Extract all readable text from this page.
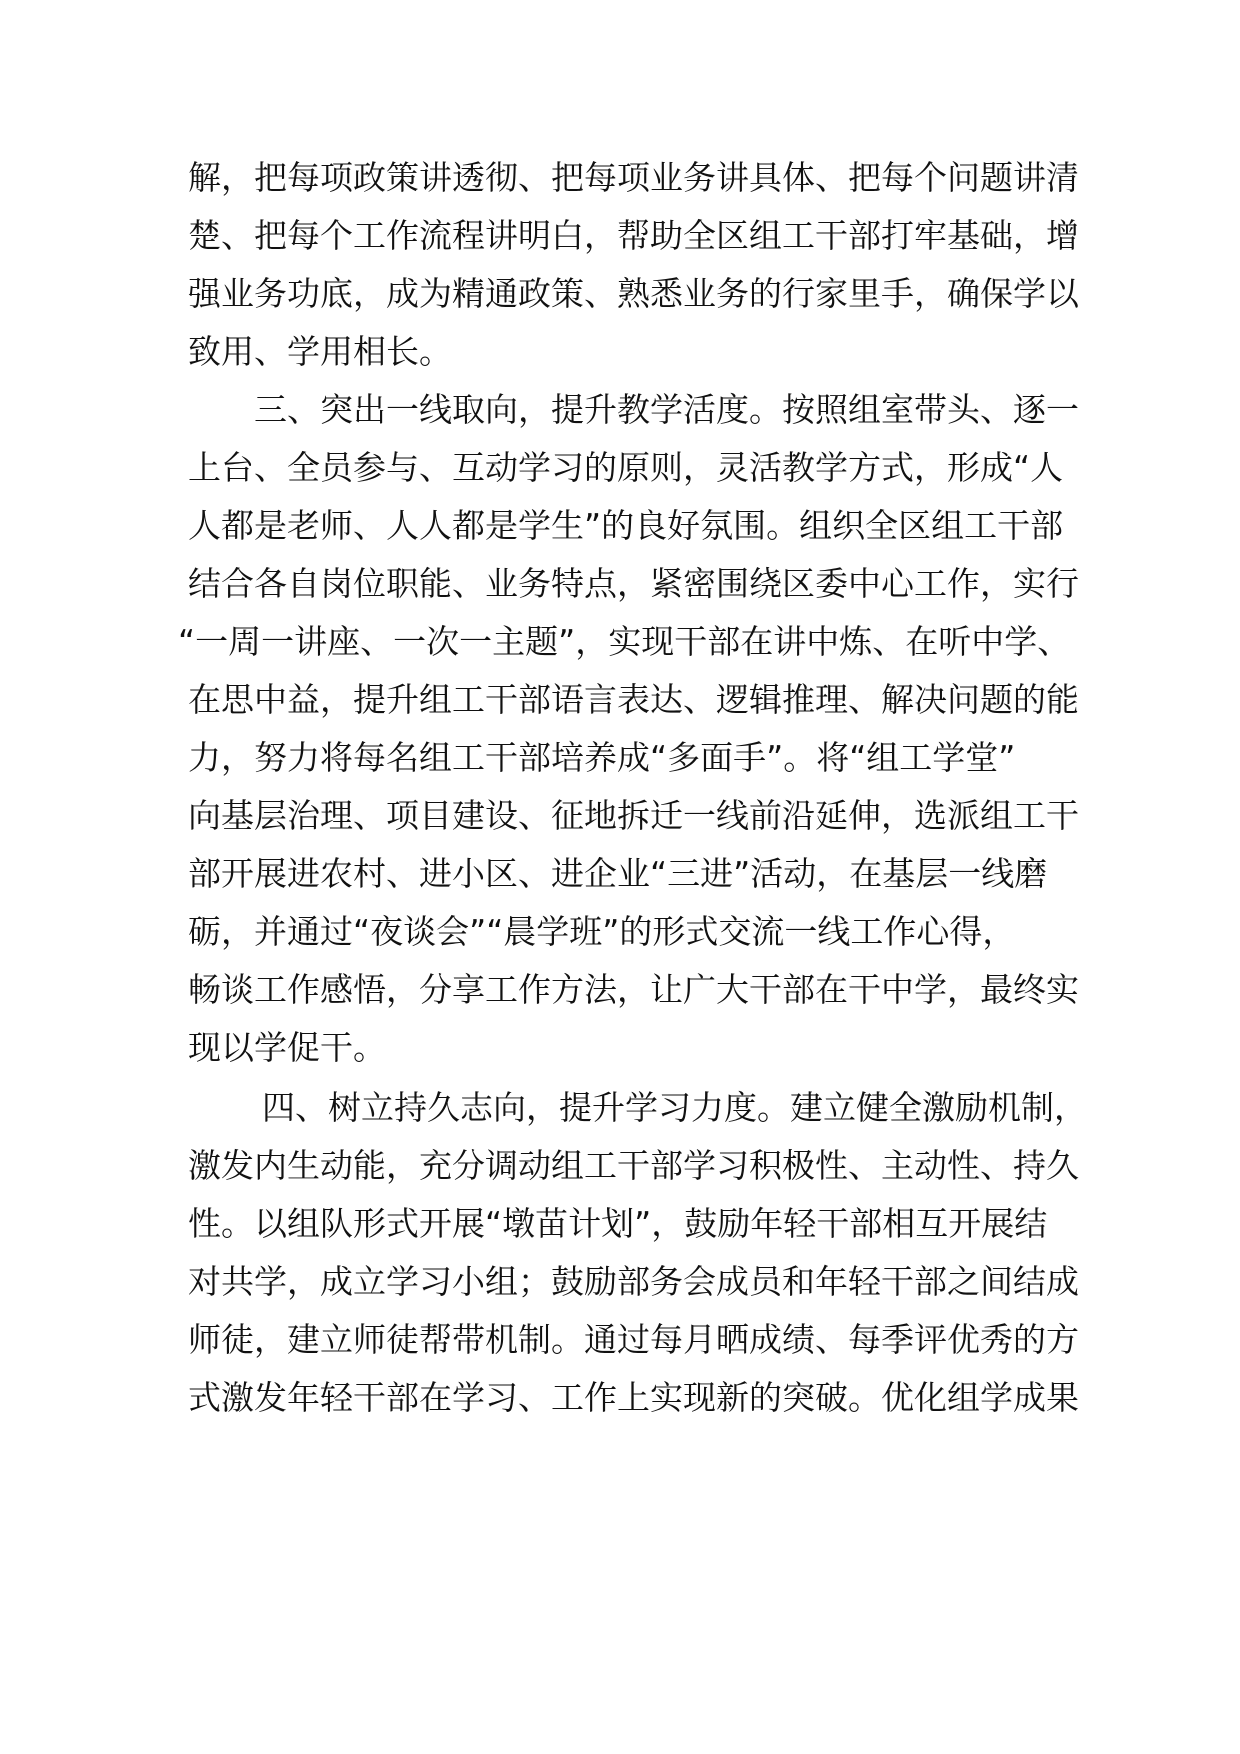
解，把每项政策讲透彻、把每项业务讲具体、把每个问题讲清
楚、把每个工作流程讲明白，帮助全区组工干部打牢基础，增
强业务功底，成为精通政策、熟悉业务的行家里手，确保学以
致用、学用相长。
三、突出一线取向，提升教学活度。按照组室带头、逐一
上台、全员参与、互动学习的原则，灵活教学方式，形成“人
人都是老师、人人都是学生”的良好氛围。组织全区组工干部
结合各自岗位职能、业务特点，紧密围绕区委中心工作，实行
“一周一讲座、一次一主题”，实现干部在讲中炼、在听中学、
在思中益，提升组工干部语言表达、逻辑推理、解决问题的能
力，努力将每名组工干部培养成“多面手”。将“组工学堂”
向基层治理、项目建设、征地拆迁一线前沿延伸，选派组工干
部开展进农村、进小区、进企业“三进”活动，在基层一线磨
砺，并通过“夜谈会”“晨学班”的形式交流一线工作心得，
畅谈工作感悟，分享工作方法，让广大干部在干中学，最终实
现以学促干。
四、树立持久志向，提升学习力度。建立健全激励机制，
激发内生动能，充分调动组工干部学习积极性、主动性、持久
性。以组队形式开展“墩苗计划”，鼓励年轻干部相互开展结
对共学，成立学习小组；鼓励部务会成员和年轻干部之间结成
师徒，建立师徒帮带机制。通过每月晒成绩、每季评优秀的方
式激发年轻干部在学习、工作上实现新的突破。优化组学成果
